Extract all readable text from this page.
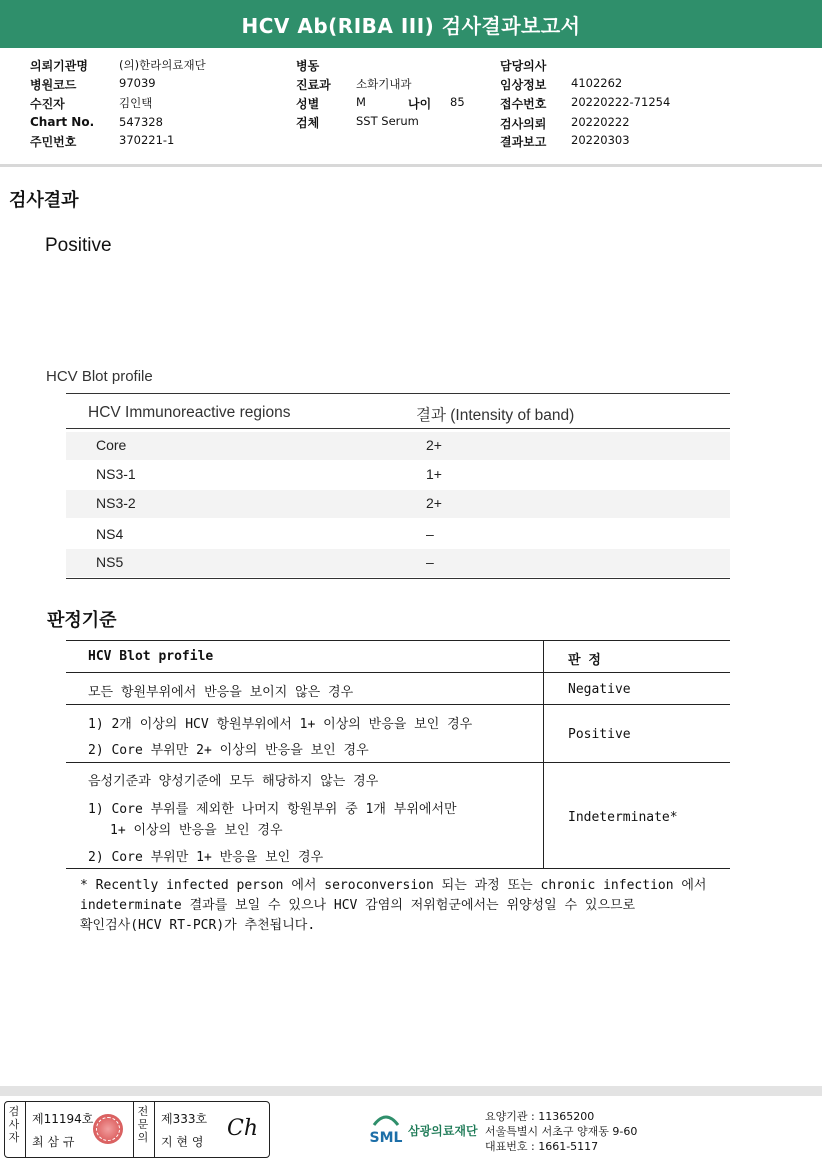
HCV Ab(RIBA III) 검사결과보고서
의뢰기관명	(의)한라의료재단
병원코드	97039
수진자	김인택
Chart No. 547328
주민번호	370221-1
병동
진료과 소화기내과
성별	M	나이 85
검체	SST Serum
담당의사
임상정보 4102262
접수번호 20220222-71254
검사의뢰 20220222
결과보고 20220303
검사결과
Positive
HCV Blot profile
HCV Immunoreactive regions	결과 (Intensity of band)
Core	2+
NS3-1	1+
NS3-2	2+
NS4	–
NS5	–
판정기준
HCV Blot profile	판 정
모든 항원부위에서 반응을 보이지 않은 경우	Negative
1) 2개 이상의 HCV 항원부위에서 1+ 이상의 반응을 보인 경우
2) Core 부위만 2+ 이상의 반응을 보인 경우
Positive
음성기준과 양성기준에 모두 해당하지 않는 경우
1) Core 부위를 제외한 나머지 항원부위 중 1개 부위에서만
1+ 이상의 반응을 보인 경우
2) Core 부위만 1+ 반응을 보인 경우
Indeterminate*
* Recently infected person 에서 seroconversion 되는 과정 또는 chronic infection 에서
indeterminate 결과를 보일 수 있으나 HCV 감염의 저위험군에서는 위양성일 수 있으므로
확인검사(HCV RT-PCR)가 추천됩니다.
검
사
자
제11194호
최 삼 규
전
문
의
제333호
지 현 영
Ch	SML 삼광의료재단
요양기관 : 11365200
서울특별시 서초구 양재동 9-60
대표번호 : 1661-5117
